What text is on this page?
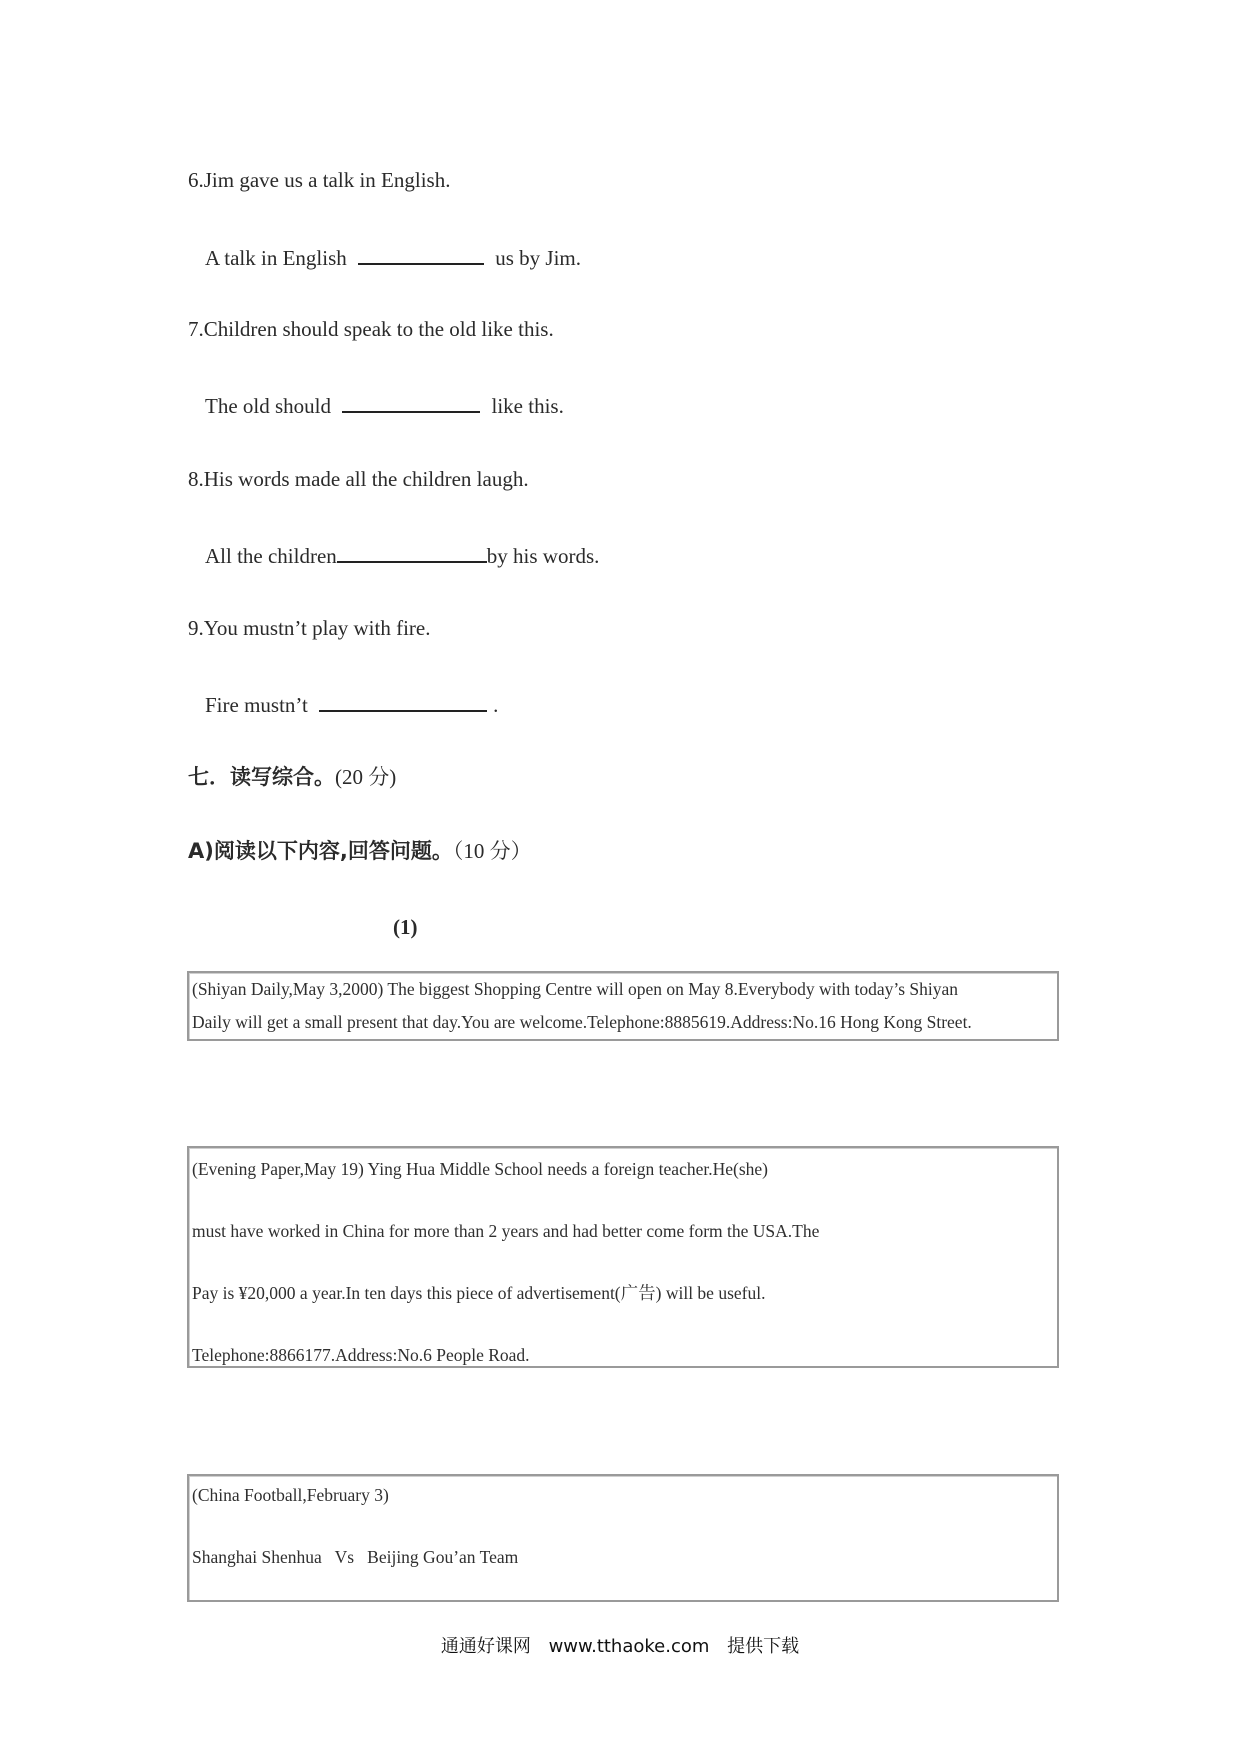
6.Jim gave us a talk in English.
A talk in English	us by Jim.
7.Children should speak to the old like this.
The old should	like this.
8.His words made all the children laugh.
All the children	by his words.
9.You mustn’t play with fire.
Fire mustn’t	.
七．读写综合。(20 分)
A)阅读以下内容,回答问题。（10 分）
(1)
(Shiyan Daily,May 3,2000) The biggest Shopping Centre will open on May 8.Everybody with today’s Shiyan
Daily will get a small present that day.You are welcome.Telephone:8885619.Address:No.16 Hong Kong Street.
(Evening Paper,May 19) Ying Hua Middle School needs a foreign teacher.He(she)
must have worked in China for more than 2 years and had better come form the USA.The
Pay is ¥20,000 a year.In ten days this piece of advertisement(广告) will be useful.
Telephone:8866177.Address:No.6 People Road.
(China Football,February 3)
Shanghai Shenhua   Vs   Beijing Gou’an Team
通通好课网 www.tthaoke.com 提供下载
